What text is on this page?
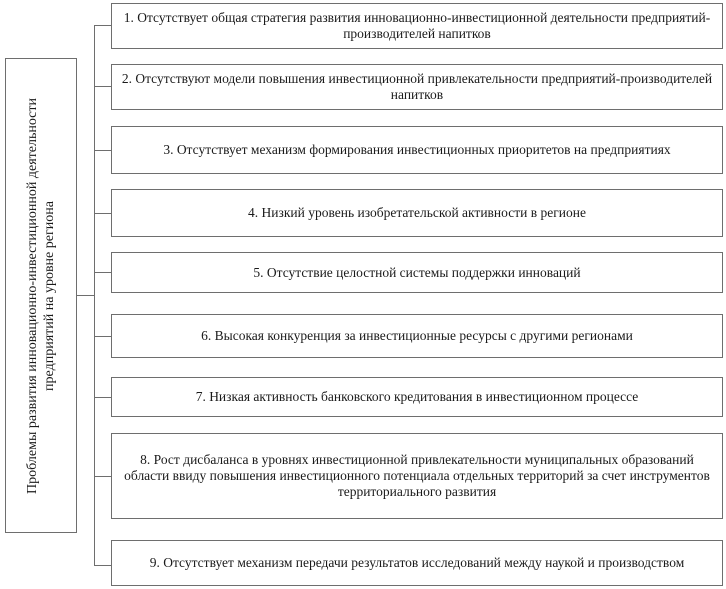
Проблемы развития инновационно-инвестиционной деятельности предприятий на уровне региона
1. Отсутствует общая стратегия развития инновационно-инвестиционной деятельности предприятий-производителей напитков
2. Отсутствуют модели повышения инвестиционной привлекательности предприятий-производителей напитков
3. Отсутствует механизм формирования инвестиционных приоритетов на предприятиях
4. Низкий уровень изобретательской активности в регионе
5. Отсутствие целостной системы поддержки инноваций
6. Высокая конкуренция за инвестиционные ресурсы с другими регионами
7. Низкая активность банковского кредитования в инвестиционном процессе
8. Рост дисбаланса в уровнях инвестиционной привлекательности муниципальных образований области ввиду повышения инвестиционного потенциала отдельных территорий за счет инструментов территориального развития
9. Отсутствует механизм передачи результатов исследований между наукой и производством
